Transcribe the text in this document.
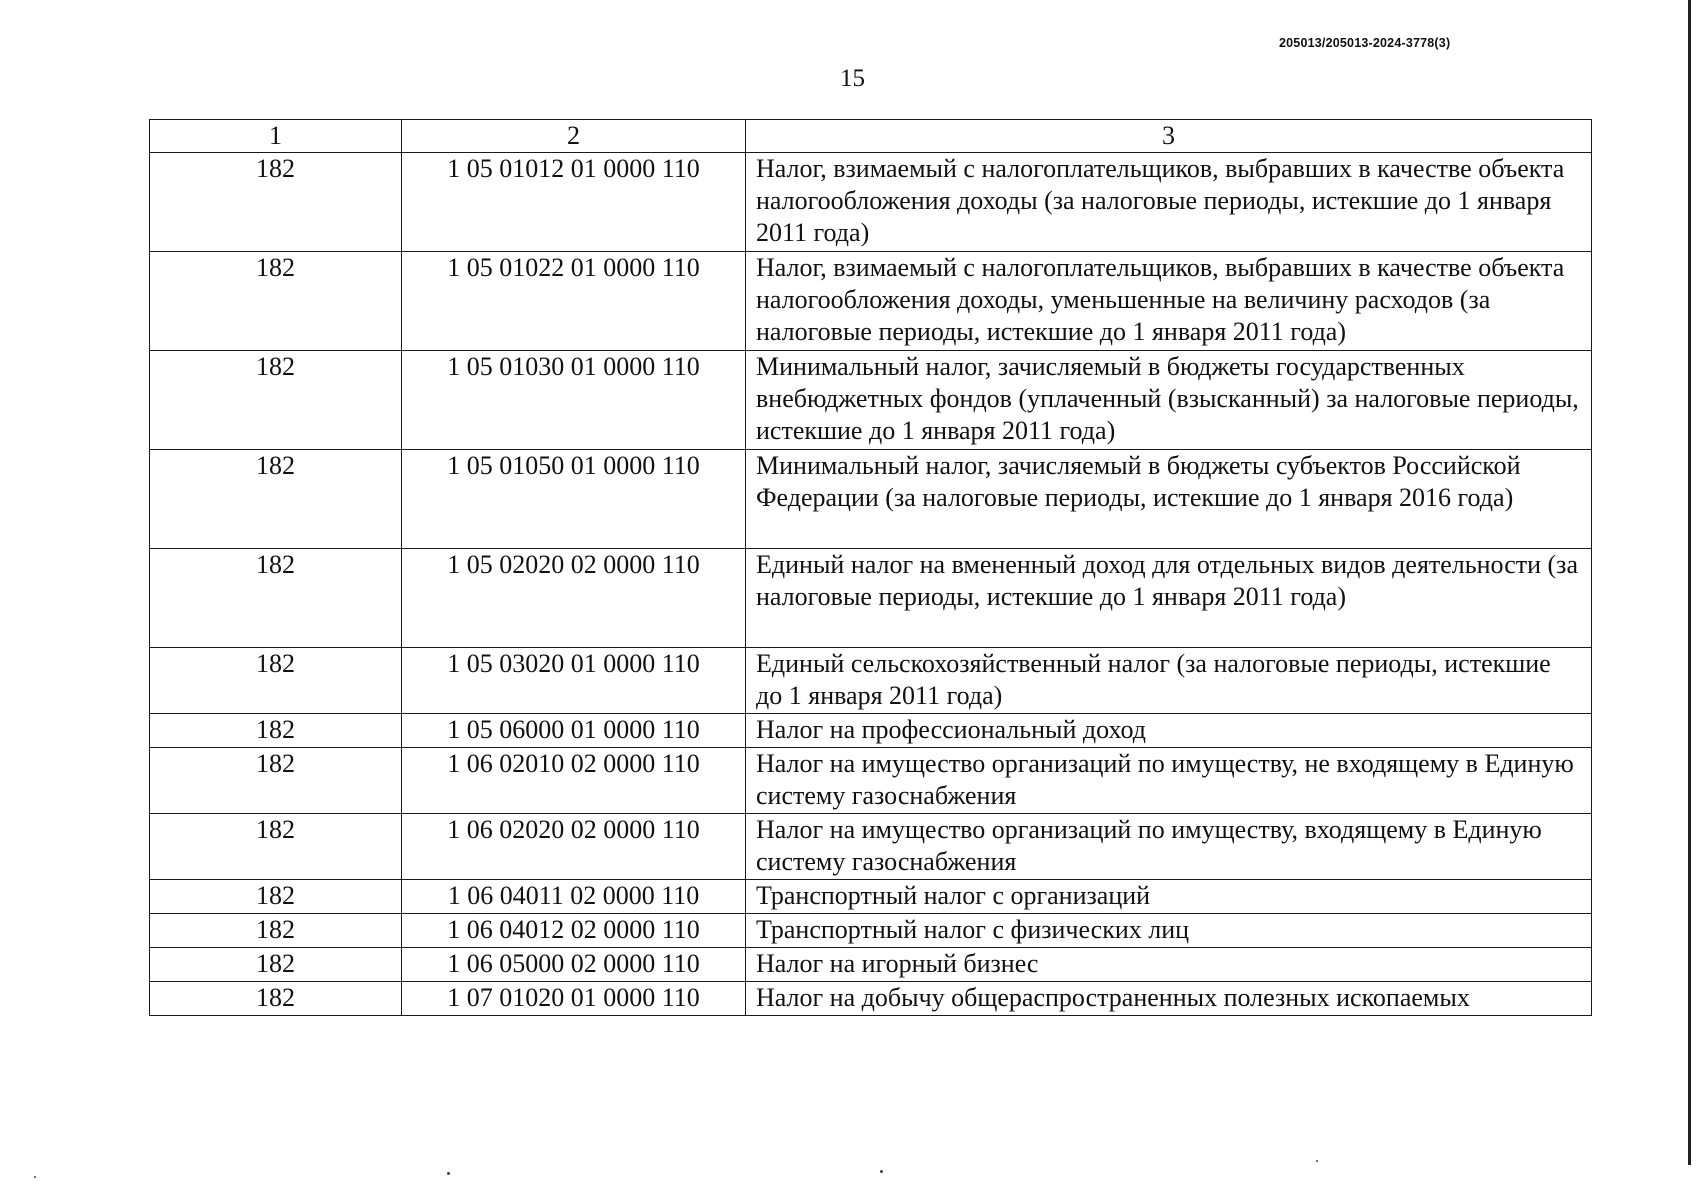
205013/205013-2024-3778(3)
15
1	2	3
182	1 05 01012 01 0000 110	Налог, взимаемый с налогоплательщиков, выбравших в качестве объекта налогообложения доходы (за налоговые периоды, истекшие до 1 января 2011 года)
182	1 05 01022 01 0000 110	Налог, взимаемый с налогоплательщиков, выбравших в качестве объекта налогообложения доходы, уменьшенные на величину расходов (за налоговые периоды, истекшие до 1 января 2011 года)
182	1 05 01030 01 0000 110	Минимальный налог, зачисляемый в бюджеты государственных внебюджетных фондов (уплаченный (взысканный) за налоговые периоды, истекшие до 1 января 2011 года)
182	1 05 01050 01 0000 110	Минимальный налог, зачисляемый в бюджеты субъектов Российской Федерации (за налоговые периоды, истекшие до 1 января 2016 года)
182	1 05 02020 02 0000 110	Единый налог на вмененный доход для отдельных видов деятельности (за налоговые периоды, истекшие до 1 января 2011 года)
182	1 05 03020 01 0000 110	Единый сельскохозяйственный налог (за налоговые периоды, истекшие до 1 января 2011 года)
182	1 05 06000 01 0000 110	Налог на профессиональный доход
182	1 06 02010 02 0000 110	Налог на имущество организаций по имуществу, не входящему в Единую систему газоснабжения
182	1 06 02020 02 0000 110	Налог на имущество организаций по имуществу, входящему в Единую систему газоснабжения
182	1 06 04011 02 0000 110	Транспортный налог с организаций
182	1 06 04012 02 0000 110	Транспортный налог с физических лиц
182	1 06 05000 02 0000 110	Налог на игорный бизнес
182	1 07 01020 01 0000 110	Налог на добычу общераспространенных полезных ископаемых
